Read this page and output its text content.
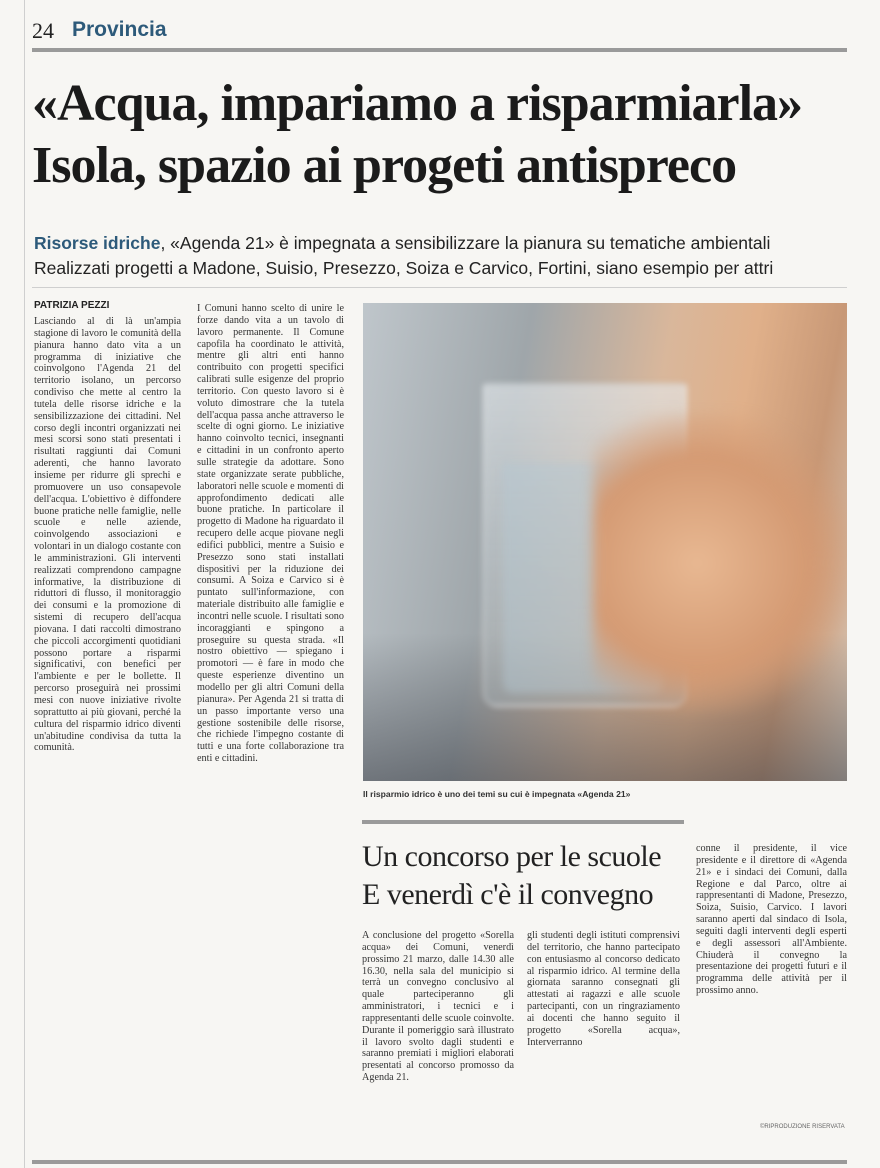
24 Provincia
«Acqua, impariamo a risparmiarla»
Isola, spazio ai progeti antispreco
Risorse idriche, «Agenda 21» è impegnata a sensibilizzare la pianura su tematiche ambientali
Realizzati progetti a Madone, Suisio, Presezzo, Soiza e Carvico, Fortini, siano esempio per attri
PATRIZIA PEZZI

Lasciando al di là un'ampia stagione di lavoro le comunità della pianura hanno dato vita a un programma di iniziative che coinvolgono l'Agenda 21 del territorio isolano, un percorso condiviso che mette al centro la tutela delle risorse idriche e la sensibilizzazione dei cittadini. Nel corso degli incontri organizzati nei mesi scorsi sono stati presentati i risultati raggiunti dai Comuni aderenti, che hanno lavorato insieme per ridurre gli sprechi e promuovere un uso consapevole dell'acqua. L'obiettivo è diffondere buone pratiche nelle famiglie, nelle scuole e nelle aziende, coinvolgendo associazioni e volontari in un dialogo costante con le amministrazioni. Gli interventi realizzati comprendono campagne informative, la distribuzione di riduttori di flusso, il monitoraggio dei consumi e la promozione di sistemi di recupero dell'acqua piovana. I dati raccolti dimostrano che piccoli accorgimenti quotidiani possono portare a risparmi significativi, con benefici per l'ambiente e per le bollette. Il percorso proseguirà nei prossimi mesi con nuove iniziative rivolte soprattutto ai più giovani, perché la cultura del risparmio idrico diventi un'abitudine condivisa da tutta la comunità.

I Comuni hanno scelto di unire le forze dando vita a un tavolo di lavoro permanente. Il Comune capofila ha coordinato le attività, mentre gli altri enti hanno contribuito con progetti specifici calibrati sulle esigenze del proprio territorio. Con questo lavoro si è voluto dimostrare che la tutela dell'acqua passa anche attraverso le scelte di ogni giorno. Le iniziative hanno coinvolto tecnici, insegnanti e cittadini in un confronto aperto sulle strategie da adottare. Sono state organizzate serate pubbliche, laboratori nelle scuole e momenti di approfondimento dedicati alle buone pratiche. In particolare il progetto di Madone ha riguardato il recupero delle acque piovane negli edifici pubblici, mentre a Suisio e Presezzo sono stati installati dispositivi per la riduzione dei consumi. A Soiza e Carvico si è puntato sull'informazione, con materiale distribuito alle famiglie e incontri nelle scuole. I risultati sono incoraggianti e spingono a proseguire su questa strada. «Il nostro obiettivo — spiegano i promotori — è fare in modo che queste esperienze diventino un modello per gli altri Comuni della pianura». Per Agenda 21 si tratta di un passo importante verso una gestione sostenibile delle risorse, che richiede l'impegno costante di tutti e una forte collaborazione tra enti e cittadini.

Il risparmio idrico è uno dei temi su cui è impegnata «Agenda 21»
Un concorso per le scuole
E venerdì c'è il convegno

A conclusione del progetto «Sorella acqua» dei Comuni, venerdì prossimo 21 marzo, dalle 14.30 alle 16.30, nella sala del municipio si terrà un convegno conclusivo al quale parteciperanno gli amministratori, i tecnici e i rappresentanti delle scuole coinvolte. Durante il pomeriggio sarà illustrato il lavoro svolto dagli studenti e saranno premiati i migliori elaborati presentati al concorso promosso da Agenda 21.

gli studenti degli istituti comprensivi del territorio, che hanno partecipato con entusiasmo al concorso dedicato al risparmio idrico. Al termine della giornata saranno consegnati gli attestati ai ragazzi e alle scuole partecipanti, con un ringraziamento ai docenti che hanno seguito il progetto «Sorella acqua», Interverranno

conne il presidente, il vice presidente e il direttore di «Agenda 21» e i sindaci dei Comuni, dalla Regione e dal Parco, oltre ai rappresentanti di Madone, Presezzo, Soiza, Suisio, Carvico. I lavori saranno aperti dal sindaco di Isola, seguiti dagli interventi degli esperti e degli assessori all'Ambiente. Chiuderà il convegno la presentazione dei progetti futuri e il programma delle attività per il prossimo anno.

©RIPRODUZIONE RISERVATA
